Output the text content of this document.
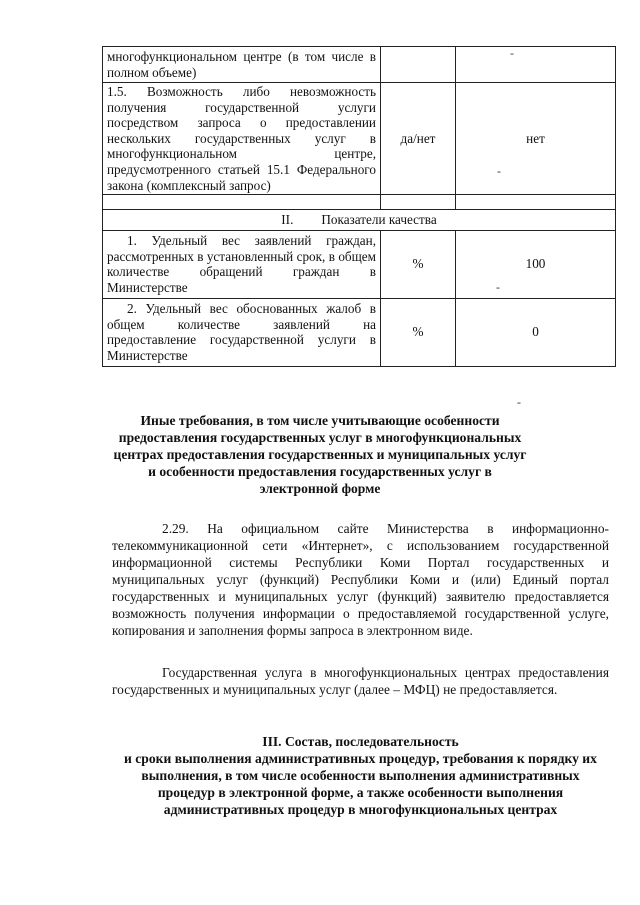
многофункциональном центре (в том числе в полном объеме)		
1.5. Возможность либо невозможность получения государственной услуги посредством запроса о предоставлении нескольких государственных услуг в многофункциональном центре, предусмотренного статьей 15.1 Федерального закона (комплексный запрос)	да/нет	нет

II. Показатели качества		
1. Удельный вес заявлений граждан, рассмотренных в установленный срок, в общем количестве обращений граждан в Министерстве	%	100
2. Удельный вес обоснованных жалоб в общем количестве заявлений на предоставление государственной услуги в Министерстве	%	0
-
-
-
-
Иные требования, в том числе учитывающие особенности предоставления государственных услуг в многофункциональных центрах предоставления государственных и муниципальных услуг и особенности предоставления государственных услуг в электронной форме

2.29. На официальном сайте Министерства в информационно-телекоммуникационной сети «Интернет», с использованием государственной информационной системы Республики Коми Портал государственных и муниципальных услуг (функций) Республики Коми и (или) Единый портал государственных и муниципальных услуг (функций) заявителю предоставляется возможность получения информации о предоставляемой государственной услуге, копирования и заполнения формы запроса в электронном виде.

Государственная услуга в многофункциональных центрах предоставления государственных и муниципальных услуг (далее – МФЦ) не предоставляется.

III. Состав, последовательность
и сроки выполнения административных процедур, требования к порядку их выполнения, в том числе особенности выполнения административных процедур в электронной форме, а также особенности выполнения административных процедур в многофункциональных центрах
